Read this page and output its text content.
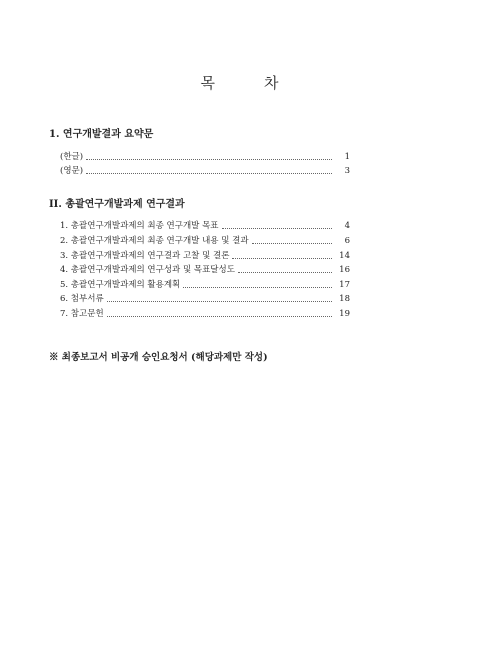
목	차
1. 연구개발결과 요약문
(한글)	1
(영문)	3
II. 총괄연구개발과제 연구결과
1. 총괄연구개발과제의 최종 연구개발 목표	4
2. 총괄연구개발과제의 최종 연구개발 내용 및 결과	6
3. 총괄연구개발과제의 연구결과 고찰 및 결론	14
4. 총괄연구개발과제의 연구성과 및 목표달성도	16
5. 총괄연구개발과제의 활용계획	17
6. 첨부서류	18
7. 참고문헌	19
※ 최종보고서 비공개 승인요청서 (해당과제만 작성)
